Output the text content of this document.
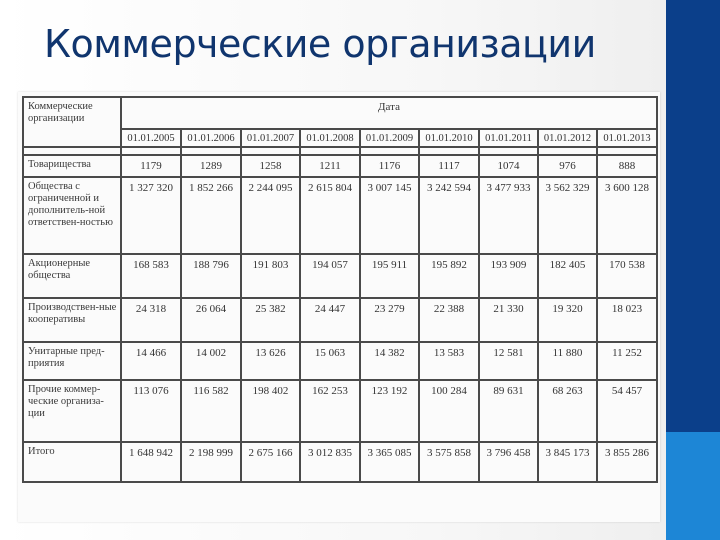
Коммерческие организации
Коммерческие организации	Дата								
	01.01.2005	01.01.2006	01.01.2007	01.01.2008	01.01.2009	01.01.2010	01.01.2011	01.01.2012	01.01.2013

Товарищества	1179	1289	1258	1211	1176	1117	1074	976	888
Общества с ограниченной и дополнитель-ной ответствен-ностью	1 327 320	1 852 266	2 244 095	2 615 804	3 007 145	3 242 594	3 477 933	3 562 329	3 600 128
Акционерные общества	168 583	188 796	191 803	194 057	195 911	195 892	193 909	182 405	170 538
Производствен-ные кооперативы	24 318	26 064	25 382	24 447	23 279	22 388	21 330	19 320	18 023
Унитарные пред-приятия	14 466	14 002	13 626	15 063	14 382	13 583	12 581	11 880	11 252
Прочие коммер-ческие организа-ции	113 076	116 582	198 402	162 253	123 192	100 284	89 631	68 263	54 457
Итого	1 648 942	2 198 999	2 675 166	3 012 835	3 365 085	3 575 858	3 796 458	3 845 173	3 855 286
